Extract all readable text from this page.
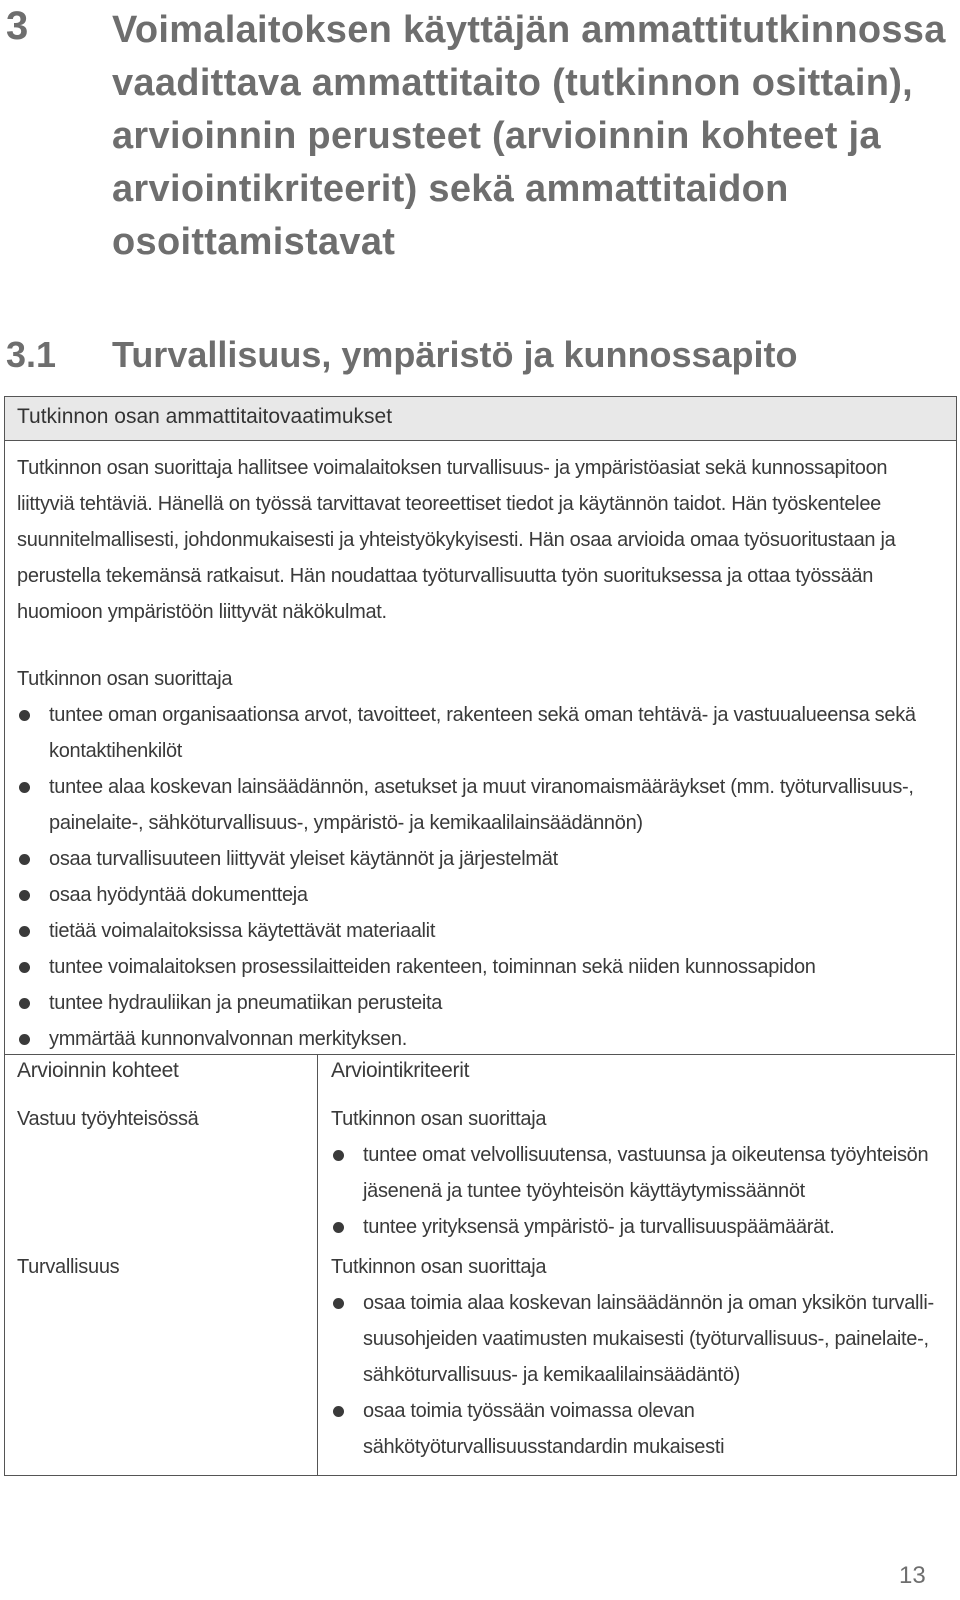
3 Voimalaitoksen käyttäjän ammattitutkinnossa vaadittava ammattitaito (tutkinnon osittain), arvioinnin perusteet (arvioinnin kohteet ja arviointikriteerit) sekä ammattitaidon osoittamistavat
3.1 Turvallisuus, ympäristö ja kunnossapito
Tutkinnon osan ammattitaitovaatimukset
Tutkinnon osan suorittaja hallitsee voimalaitoksen turvallisuus- ja ympäristöasiat sekä kunnossapitoon liittyviä tehtäviä. Hänellä on työssä tarvittavat teoreettiset tiedot ja käytännön taidot. Hän työskentelee suunnitelmallisesti, johdonmukaisesti ja yhteistyökykyisesti. Hän osaa arvioida omaa työsuoritustaan ja perustella tekemänsä ratkaisut. Hän noudattaa työturvallisuutta työn suorituksessa ja ottaa työssään huomioon ympäristöön liittyvät näkökulmat.
Tutkinnon osan suorittaja
tuntee oman organisaationsa arvot, tavoitteet, rakenteen sekä oman tehtävä- ja vastuualueensa sekä kontaktihenkilöt
tuntee alaa koskevan lainsäädännön, asetukset ja muut viranomaismääräykset (mm. työturvallisuus-, painelaite-, sähköturvallisuus-, ympäristö- ja kemikaalilainsäädännön)
osaa turvallisuuteen liittyvät yleiset käytännöt ja järjestelmät
osaa hyödyntää dokumentteja
tietää voimalaitoksissa käytettävät materiaalit
tuntee voimalaitoksen prosessilaitteiden rakenteen, toiminnan sekä niiden kunnossapidon
tuntee hydrauliikan ja pneumatiikan perusteita
ymmärtää kunnonvalvonnan merkityksen.
Arvioinnin kohteet	Arviointikriteerit
Vastuu työyhteisössä	Tutkinnon osan suorittaja
tuntee omat velvollisuutensa, vastuunsa ja oikeutensa työyhteisön jäsenenä ja tuntee työyhteisön käyttäytymissäännöt
tuntee yrityksensä ympäristö- ja turvallisuuspäämäärät.
Turvallisuus	Tutkinnon osan suorittaja
osaa toimia alaa koskevan lainsäädännön ja oman yksikön turvallisuusohjeiden vaatimusten mukaisesti (työturvallisuus-, painelaite-, sähköturvallisuus- ja kemikaalilainsäädäntö)
osaa toimia työssään voimassa olevan sähkötyöturvallisuusstandardin mukaisesti
13
